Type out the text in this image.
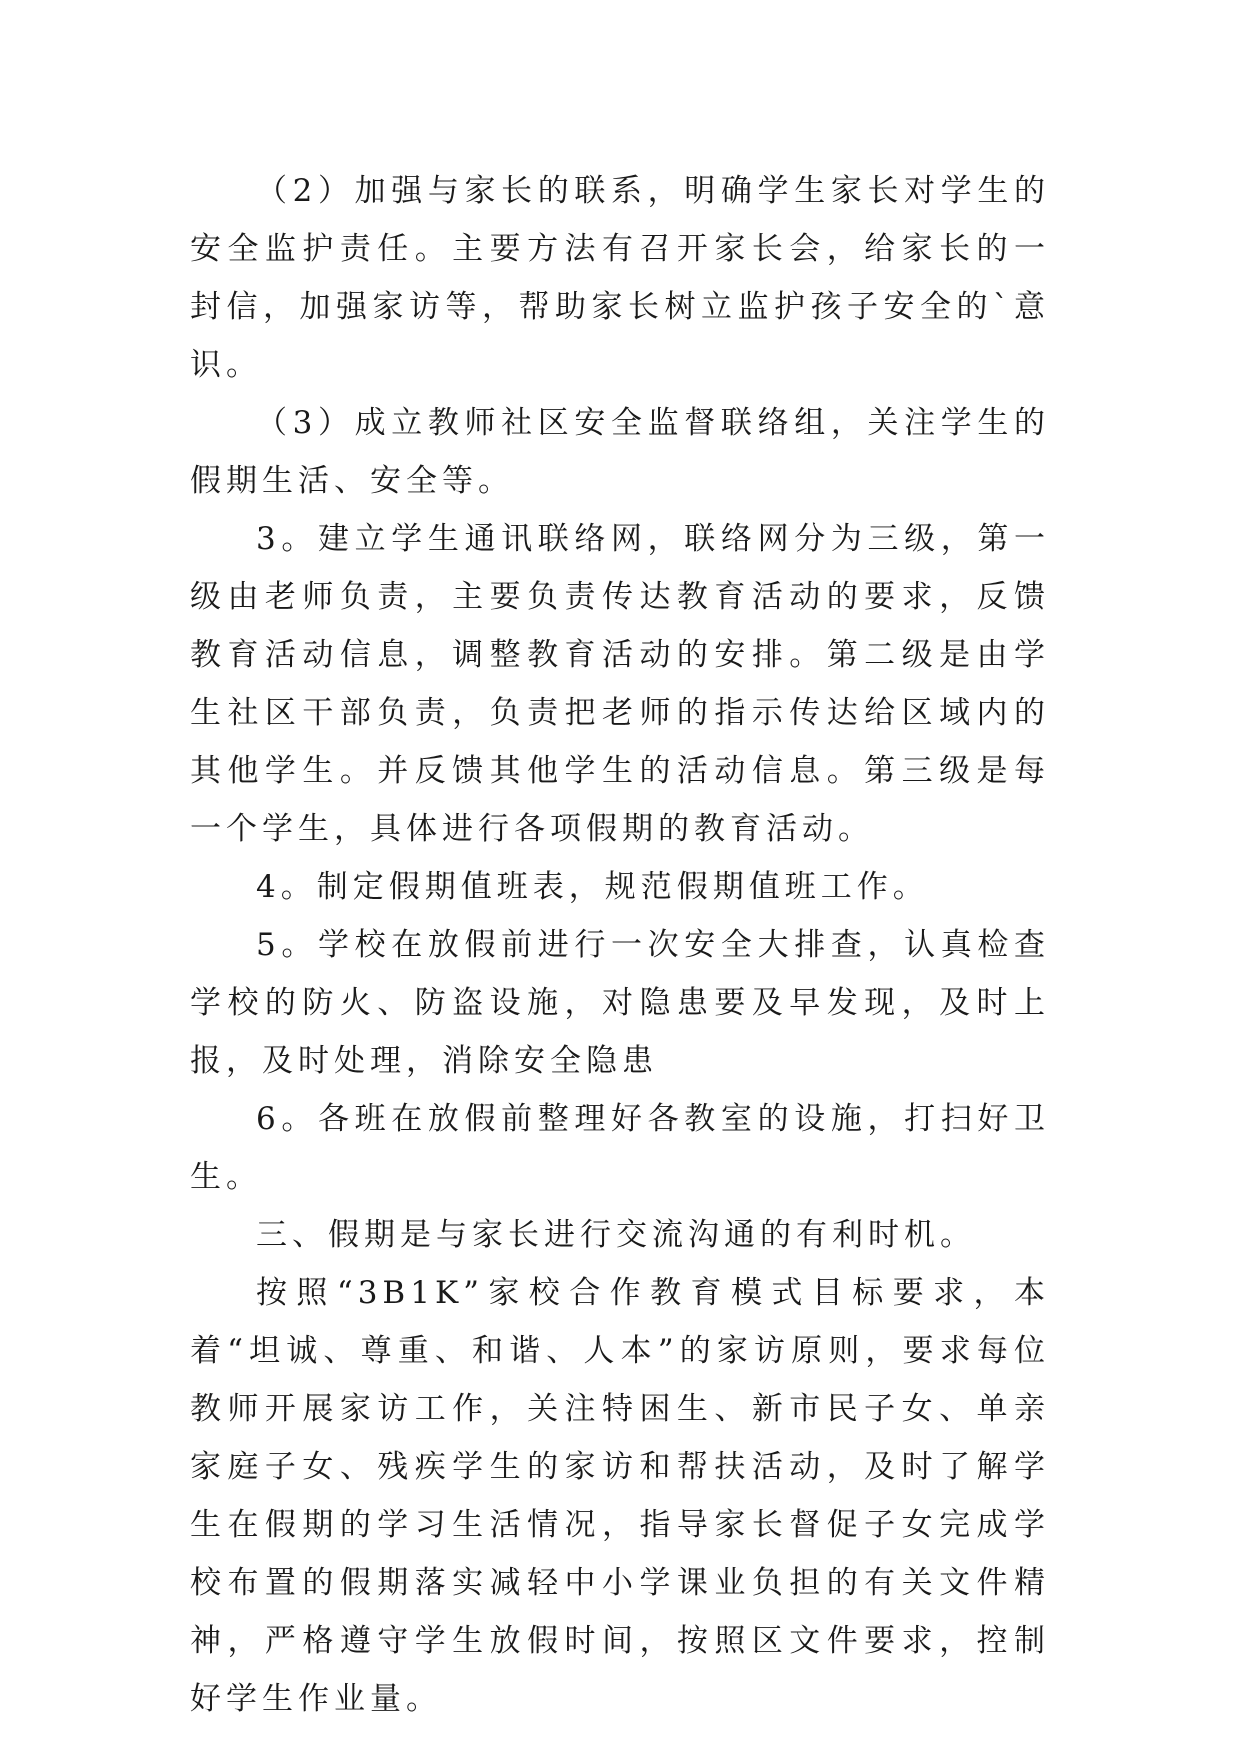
（2）加强与家长的联系，明确学生家长对学生的安全监护责任。主要方法有召开家长会，给家长的一封信，加强家访等，帮助家长树立监护孩子安全的`意识。

（3）成立教师社区安全监督联络组，关注学生的假期生活、安全等。

3。建立学生通讯联络网，联络网分为三级，第一级由老师负责，主要负责传达教育活动的要求，反馈教育活动信息，调整教育活动的安排。第二级是由学生社区干部负责，负责把老师的指示传达给区域内的其他学生。并反馈其他学生的活动信息。第三级是每一个学生，具体进行各项假期的教育活动。

4。制定假期值班表，规范假期值班工作。

5。学校在放假前进行一次安全大排查，认真检查学校的防火、防盗设施，对隐患要及早发现，及时上报，及时处理，消除安全隐患

6。各班在放假前整理好各教室的设施，打扫好卫生。

三、假期是与家长进行交流沟通的有利时机。

按照“3B1K”家校合作教育模式目标要求，本着“坦诚、尊重、和谐、人本”的家访原则，要求每位教师开展家访工作，关注特困生、新市民子女、单亲家庭子女、残疾学生的家访和帮扶活动，及时了解学生在假期的学习生活情况，指导家长督促子女完成学校布置的假期落实减轻中小学课业负担的有关文件精神，严格遵守学生放假时间，按照区文件要求，控制好学生作业量。
